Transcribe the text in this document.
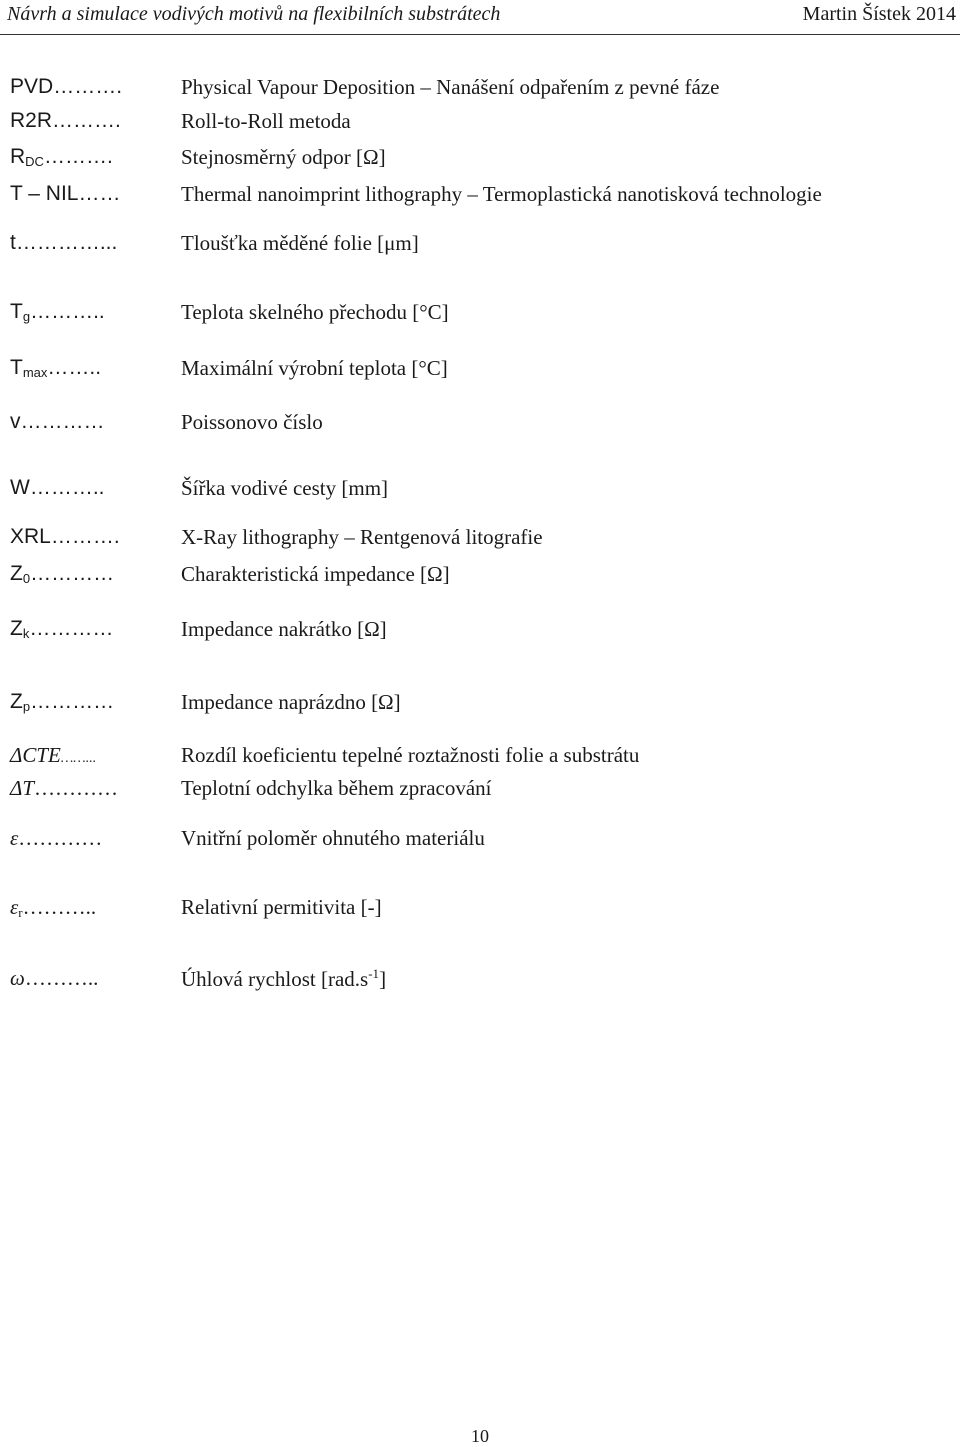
Návrh a simulace vodivých motivů na flexibilních substrátech	Martin Šístek 2014
PVD……….	Physical Vapour Deposition – Nanášení odpařením z pevné fáze
R2R……….	Roll-to-Roll metoda
$R_{DC}\dots\dots\dots$.	Stejnosměrný odpor [Ω]
T – NIL……	Thermal nanoimprint lithography – Termoplastická nanotisková technologie
t…………...	Tloušťka měděné folie [μm]
$T_g\dots\dots\dots$..	Teplota skelného přechodu [°C]
$T_{max}\dots\dots$..	Maximální výrobní teplota [°C]
v…………	Poissonovo číslo
W………..	Šířka vodivé cesty [mm]
XRL……….	X-Ray lithography – Rentgenová litografie
$Z_0\dots\dots\dots\dots$	Charakteristická impedance [Ω]
$Z_k\dots\dots\dots\dots$	Impedance nakrátko [Ω]
$Z_p\dots\dots\dots\dots$	Impedance naprázdno [Ω]
ΔCTE……...	Rozdíl koeficientu tepelné roztažnosti folie a substrátu
ΔT…………	Teplotní odchylka během zpracování
ε…………	Vnitřní poloměr ohnutého materiálu
$\varepsilon_r\dots\dots\dots$..	Relativní permitivita [-]
ω………..	Úhlová rychlost $[rad.s^{-1}]$
10
